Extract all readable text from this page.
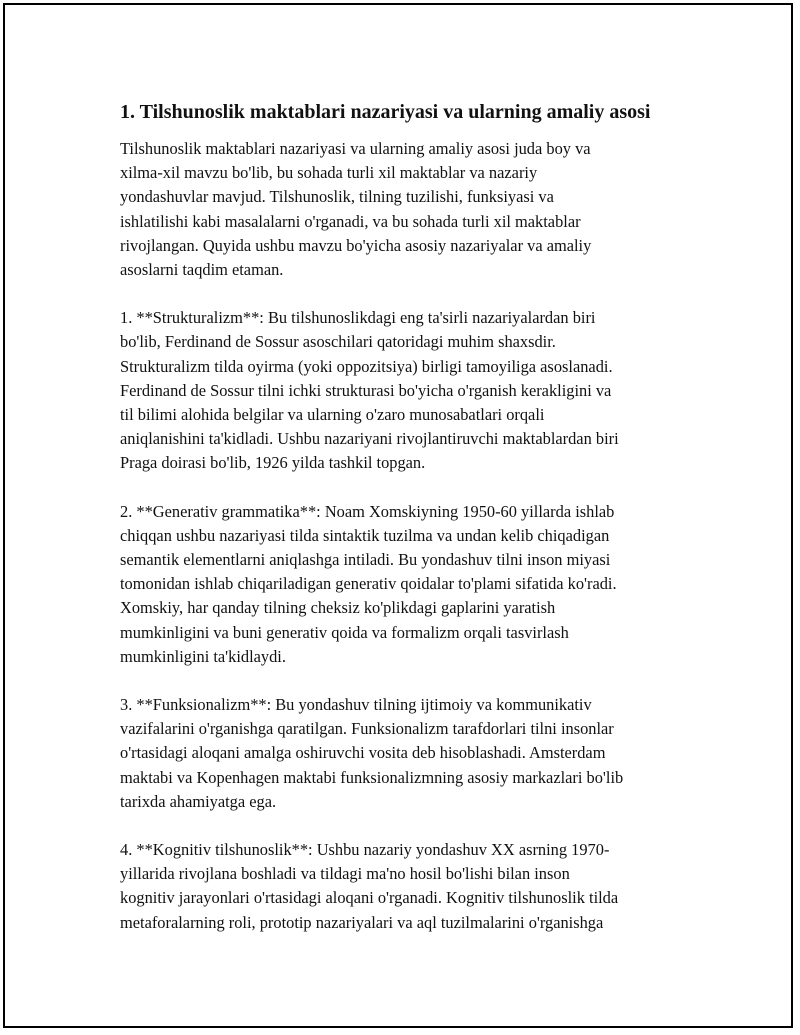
1. Tilshunoslik maktablari nazariyasi va ularning amaliy asosi

Tilshunoslik maktablari nazariyasi va ularning amaliy asosi juda boy va
xilma-xil mavzu bo'lib, bu sohada turli xil maktablar va nazariy
yondashuvlar mavjud. Tilshunoslik, tilning tuzilishi, funksiyasi va
ishlatilishi kabi masalalarni o'rganadi, va bu sohada turli xil maktablar
rivojlangan. Quyida ushbu mavzu bo'yicha asosiy nazariyalar va amaliy
asoslarni taqdim etaman.

1. **Strukturalizm**: Bu tilshunoslikdagi eng ta'sirli nazariyalardan biri
bo'lib, Ferdinand de Sossur asoschilari qatoridagi muhim shaxsdir.
Strukturalizm tilda oyirma (yoki oppozitsiya) birligi tamoyiliga asoslanadi.
Ferdinand de Sossur tilni ichki strukturasi bo'yicha o'rganish kerakligini va
til bilimi alohida belgilar va ularning o'zaro munosabatlari orqali
aniqlanishini ta'kidladi. Ushbu nazariyani rivojlantiruvchi maktablardan biri
Praga doirasi bo'lib, 1926 yilda tashkil topgan.

2. **Generativ grammatika**: Noam Xomskiyning 1950-60 yillarda ishlab
chiqqan ushbu nazariyasi tilda sintaktik tuzilma va undan kelib chiqadigan
semantik elementlarni aniqlashga intiladi. Bu yondashuv tilni inson miyasi
tomonidan ishlab chiqariladigan generativ qoidalar to'plami sifatida ko'radi.
Xomskiy, har qanday tilning cheksiz ko'plikdagi gaplarini yaratish
mumkinligini va buni generativ qoida va formalizm orqali tasvirlash
mumkinligini ta'kidlaydi.

3. **Funksionalizm**: Bu yondashuv tilning ijtimoiy va kommunikativ
vazifalarini o'rganishga qaratilgan. Funksionalizm tarafdorlari tilni insonlar
o'rtasidagi aloqani amalga oshiruvchi vosita deb hisoblashadi. Amsterdam
maktabi va Kopenhagen maktabi funksionalizmning asosiy markazlari bo'lib
tarixda ahamiyatga ega.

4. **Kognitiv tilshunoslik**: Ushbu nazariy yondashuv XX asrning 1970-
yillarida rivojlana boshladi va tildagi ma'no hosil bo'lishi bilan inson
kognitiv jarayonlari o'rtasidagi aloqani o'rganadi. Kognitiv tilshunoslik tilda
metaforalarning roli, prototip nazariyalari va aql tuzilmalarini o'rganishga
